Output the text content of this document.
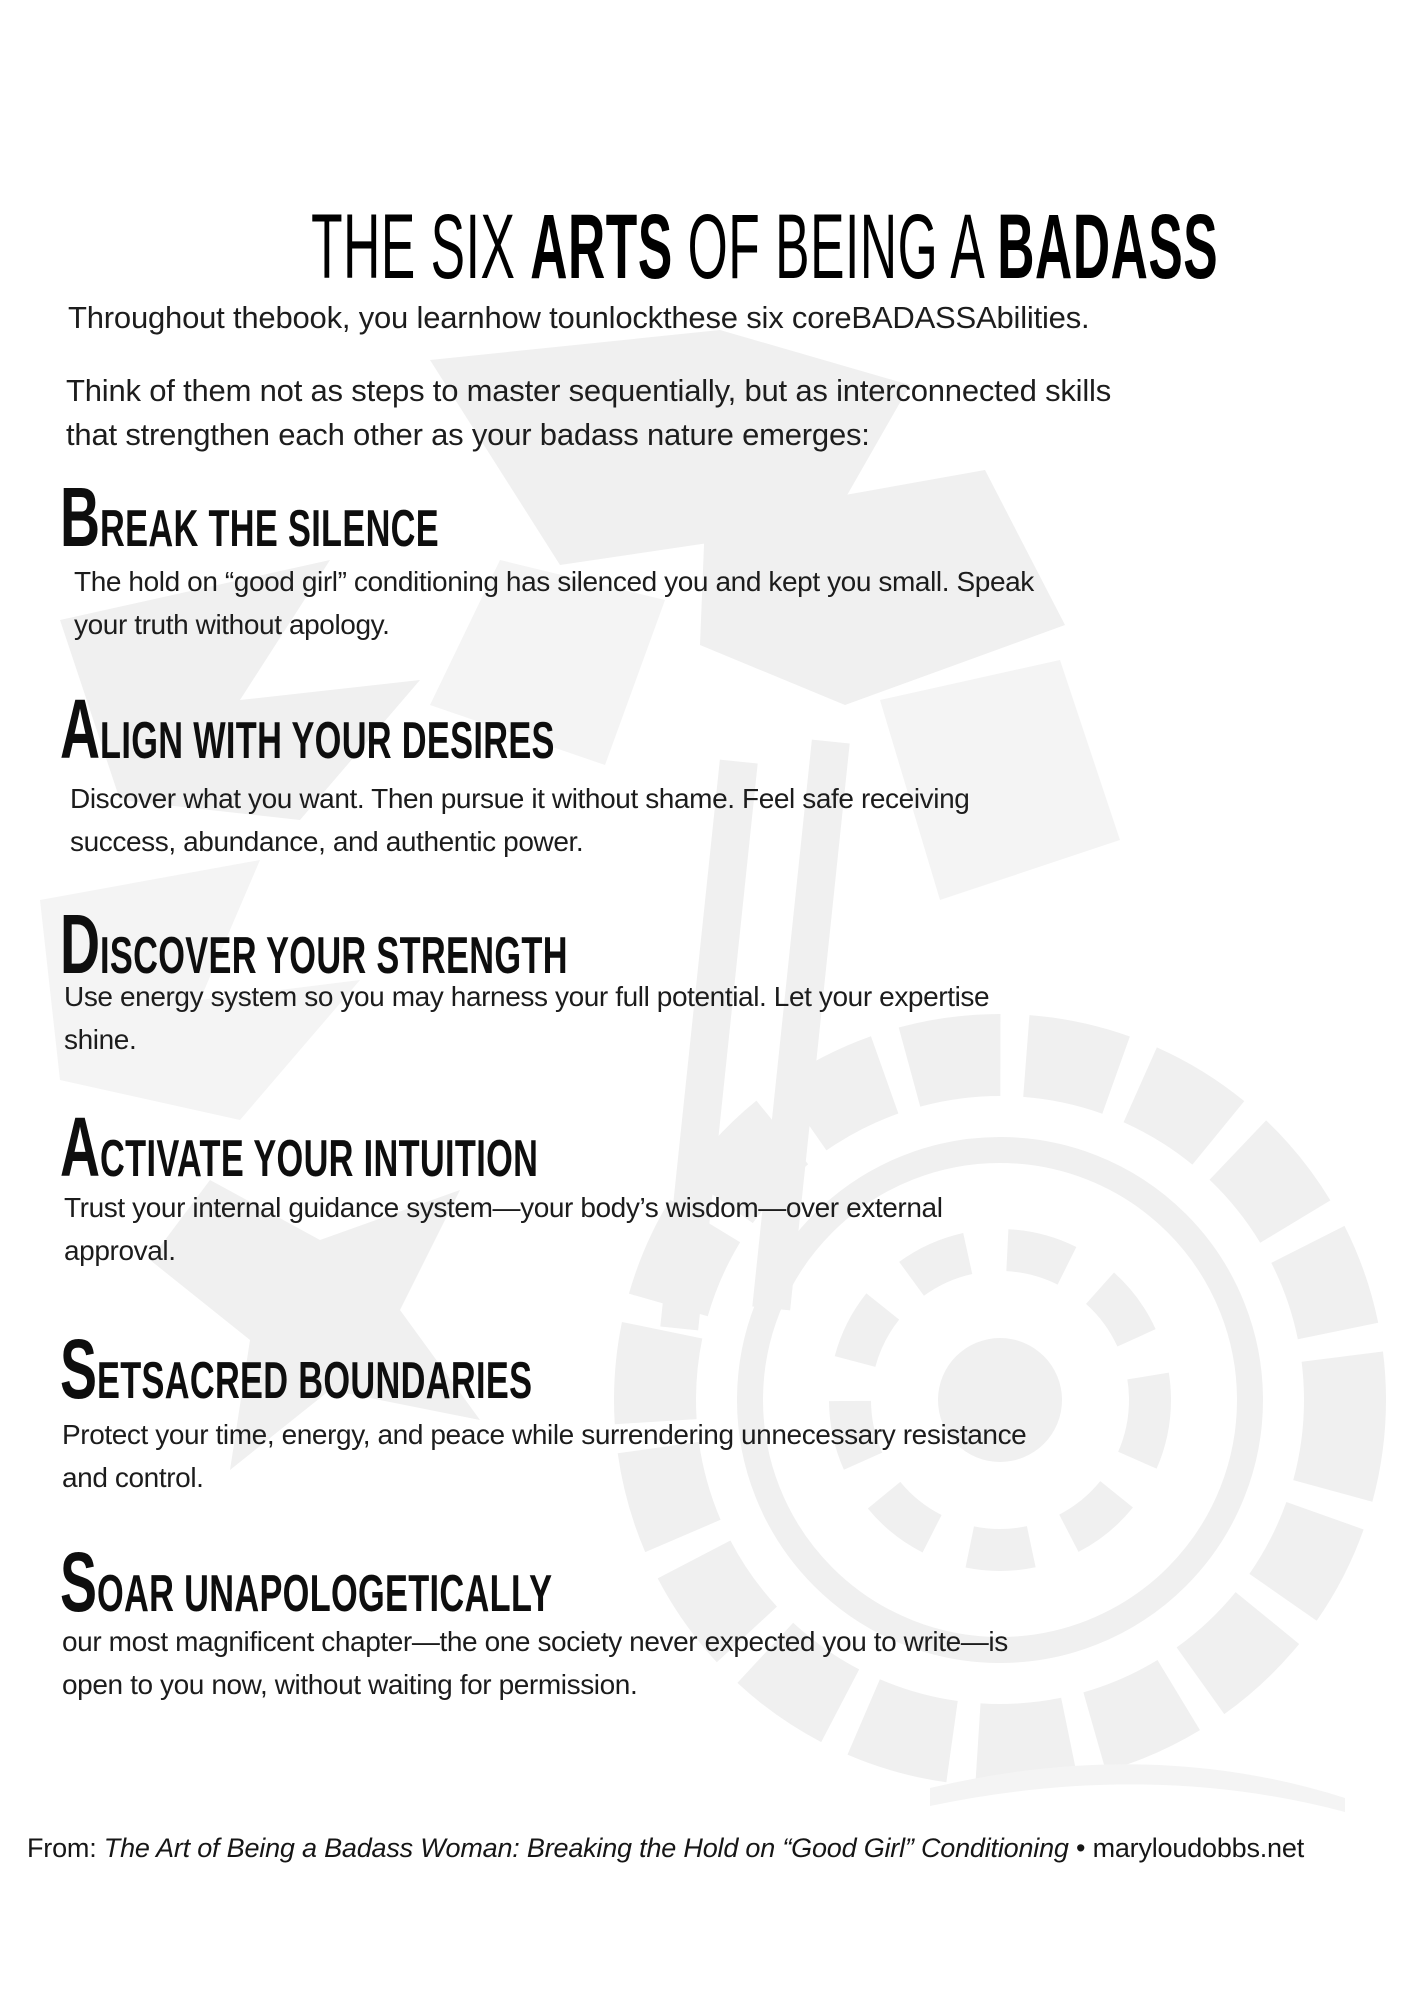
THE SIX ARTS OF BEING A BADASS

Throughout thebook, you learnhow tounlockthese six coreBADASSAbilities.

Think of them not as steps to master sequentially, but as interconnected skills
that strengthen each other as your badass nature emerges:

BREAK THE SILENCE

The hold on “good girl” conditioning has silenced you and kept you small. Speak
your truth without apology.

ALIGN WITH YOUR DESIRES

Discover what you want. Then pursue it without shame. Feel safe receiving
success, abundance, and authentic power.

DISCOVER YOUR STRENGTH

Use energy system so you may harness your full potential. Let your expertise
shine.

ACTIVATE YOUR INTUITION

Trust your internal guidance system—your body’s wisdom—over external
approval.

SETSACRED BOUNDARIES

Protect your time, energy, and peace while surrendering unnecessary resistance
and control.

SOAR UNAPOLOGETICALLY

our most magnificent chapter—the one society never expected you to write—is
open to you now, without waiting for permission.

From: The Art of Being a Badass Woman: Breaking the Hold on “Good Girl” Conditioning • maryloudobbs.net
